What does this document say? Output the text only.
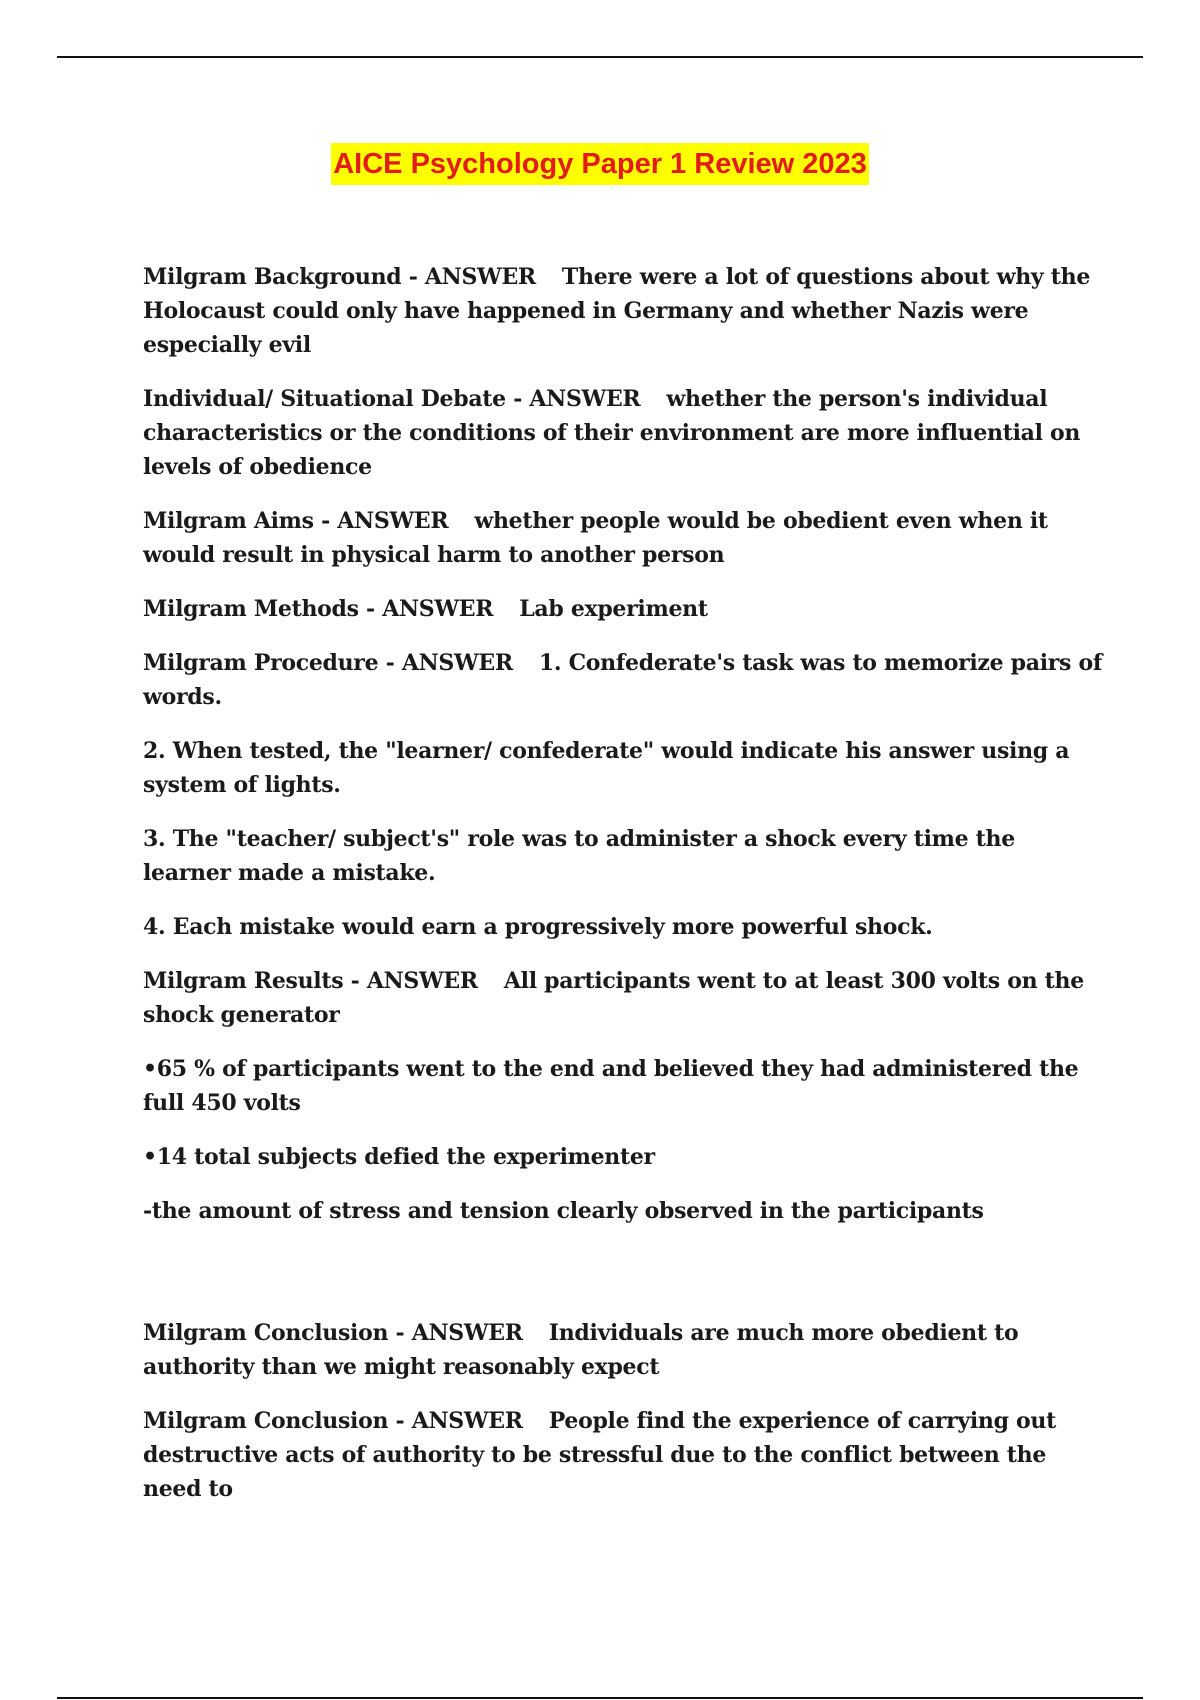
AICE Psychology Paper 1 Review 2023

Milgram Background - ANSWER There were a lot of questions about why the Holocaust could only have happened in Germany and whether Nazis were especially evil

Individual/ Situational Debate - ANSWER whether the person's individual characteristics or the conditions of their environment are more influential on levels of obedience

Milgram Aims - ANSWER whether people would be obedient even when it would result in physical harm to another person

Milgram Methods - ANSWER Lab experiment

Milgram Procedure - ANSWER 1. Confederate's task was to memorize pairs of words.

2. When tested, the "learner/ confederate" would indicate his answer using a system of lights.

3. The "teacher/ subject's" role was to administer a shock every time the learner made a mistake.

4. Each mistake would earn a progressively more powerful shock.

Milgram Results - ANSWER All participants went to at least 300 volts on the shock generator

•65 % of participants went to the end and believed they had administered the full 450 volts

•14 total subjects defied the experimenter

-the amount of stress and tension clearly observed in the participants

Milgram Conclusion - ANSWER Individuals are much more obedient to authority than we might reasonably expect

Milgram Conclusion - ANSWER People find the experience of carrying out destructive acts of authority to be stressful due to the conflict between the need to
